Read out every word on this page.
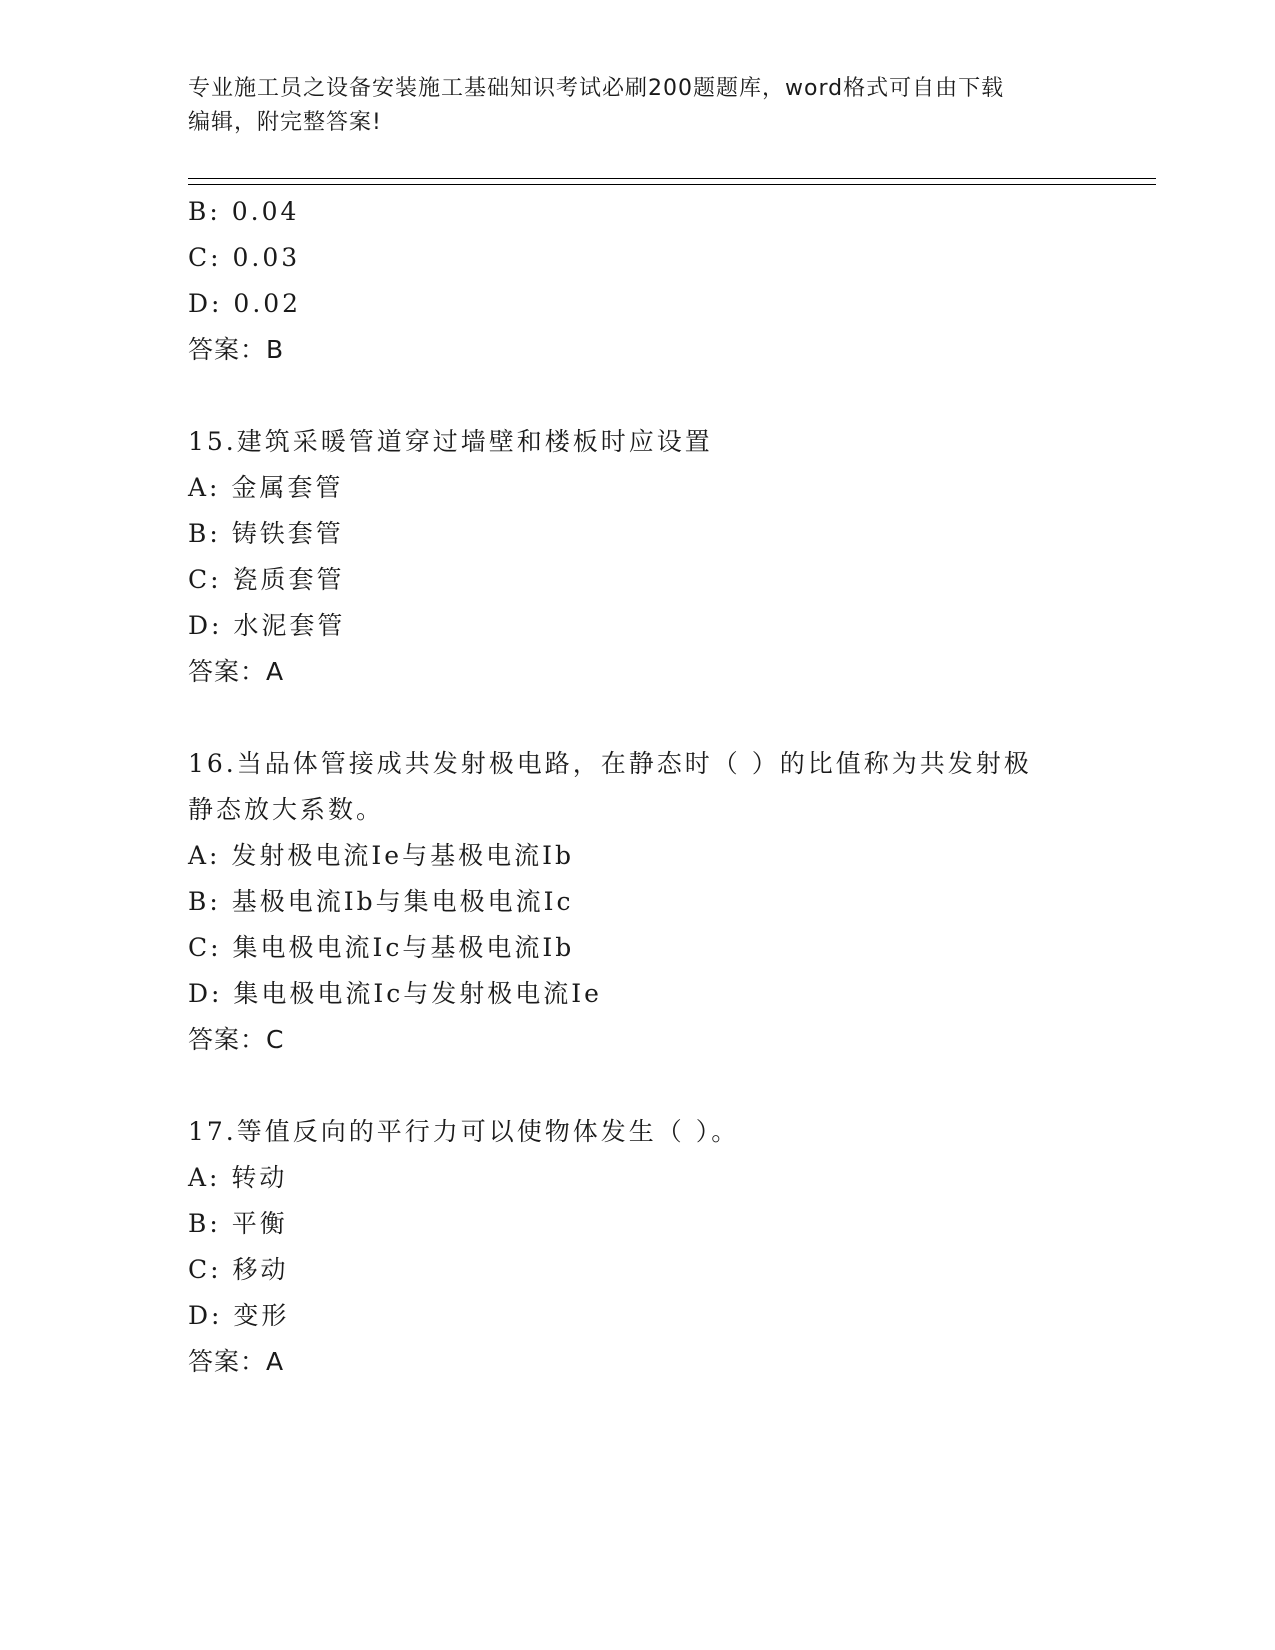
专业施工员之设备安装施工基础知识考试必刷200题题库，word格式可自由下载
编辑，附完整答案!
B: 0.04
C: 0.03
D: 0.02
答案：B
15.建筑采暖管道穿过墙壁和楼板时应设置
A: 金属套管
B: 铸铁套管
C: 瓷质套管
D: 水泥套管
答案：A
16.当品体管接成共发射极电路，在静态时（ ）的比值称为共发射极
静态放大系数。
A: 发射极电流Ie与基极电流Ib
B: 基极电流Ib与集电极电流Ic
C: 集电极电流Ic与基极电流Ib
D: 集电极电流Ic与发射极电流Ie
答案：C
17.等值反向的平行力可以使物体发生（ ）。
A: 转动
B: 平衡
C: 移动
D: 变形
答案：A
